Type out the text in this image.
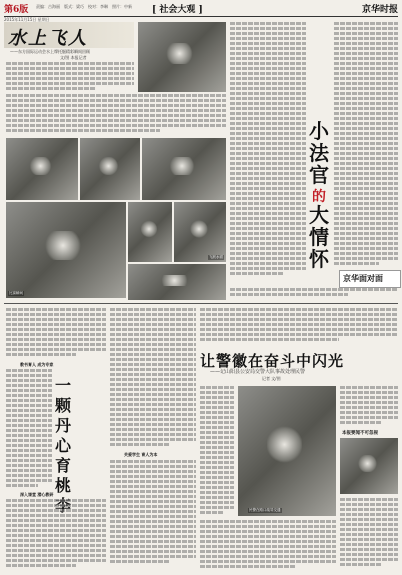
第6版 责编：古海丽　版式：梁巧　校对：李琳　照片：中新 [ 社会大观 ]	京华时报
2015年11月15日 星期日
水上飞人
——东方国际运动会水上摩托艇精彩瞬间回顾
文/图 本报记者
比赛瞬间
飞跃水面
小
法
官
的
大
情
怀
京华面对面
教书育人 成为专家
一
颗
丹
心
育
桃
深入课堂 潜心教研
关爱学生 育人为本
让警徽在奋斗中闪光
——记山阳县公安局交警大队事故处理民警
记者 文/图
民警在路口疏导交通
本报要闻不可忽视
